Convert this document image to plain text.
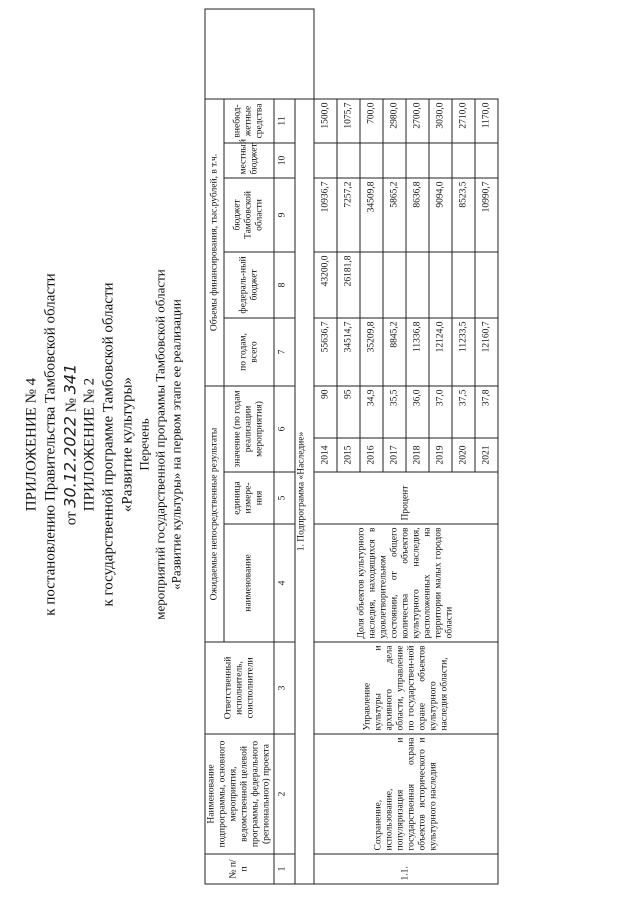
ПРИЛОЖЕНИЕ № 4 к постановлению Правительства Тамбовской области от 30.12.2022 № 341 ПРИЛОЖЕНИЕ № 2 к государственной программе Тамбовской области «Развитие культуры» Перечень мероприятий государственной программы Тамбовской области «Развитие культуры» на первом этапе ее реализации
№ п/п	Наименование подпрограммы, основного мероприятия, ведомственной целевой программы, федерального (регионального) проекта	Ответственный исполнитель, соисполнители	Ожидаемые непосредственные результаты				Объемы финансирования, тыс.рублей, в т.ч.					
			наименование	единица измере-ния	значение (по годам реализации мероприятия)		по годам, всего	федераль-ный бюджет	бюджет Тамбовской области	местный бюджет	внебюд-жетные средства	
1	2	3	4	5	6		7	8	9	10	11	
1. Подпрограмма «Наследие»												
1.1.	Сохранение, использование, популяризация и государственная охрана объектов исторического и культурного наследия	Управление культуры и архивного дела области, управление по государствен-ной охране объектов культурного наследия области,	Доля объектов культурного наследия, находящихся в удовлетворительном состоянии, от общего количества объектов культурного наследия, расположенных на территории малых городов области	Процент	2014	90	55636,7	43200,0	10936,7		1500,0	
					2015	95	34514,7	26181,8	7257,2		1075,7	
					2016	34,9	35209,8		34509,8		700,0	
					2017	35,5	8845,2		5865,2		2980,0	
					2018	36,0	11336,8		8636,8		2700,0	
					2019	37,0	12124,0		9094,0		3030,0	
					2020	37,5	11233,5		8523,5		2710,0	
					2021	37,8	12160,7		10990,7		1170,0	
